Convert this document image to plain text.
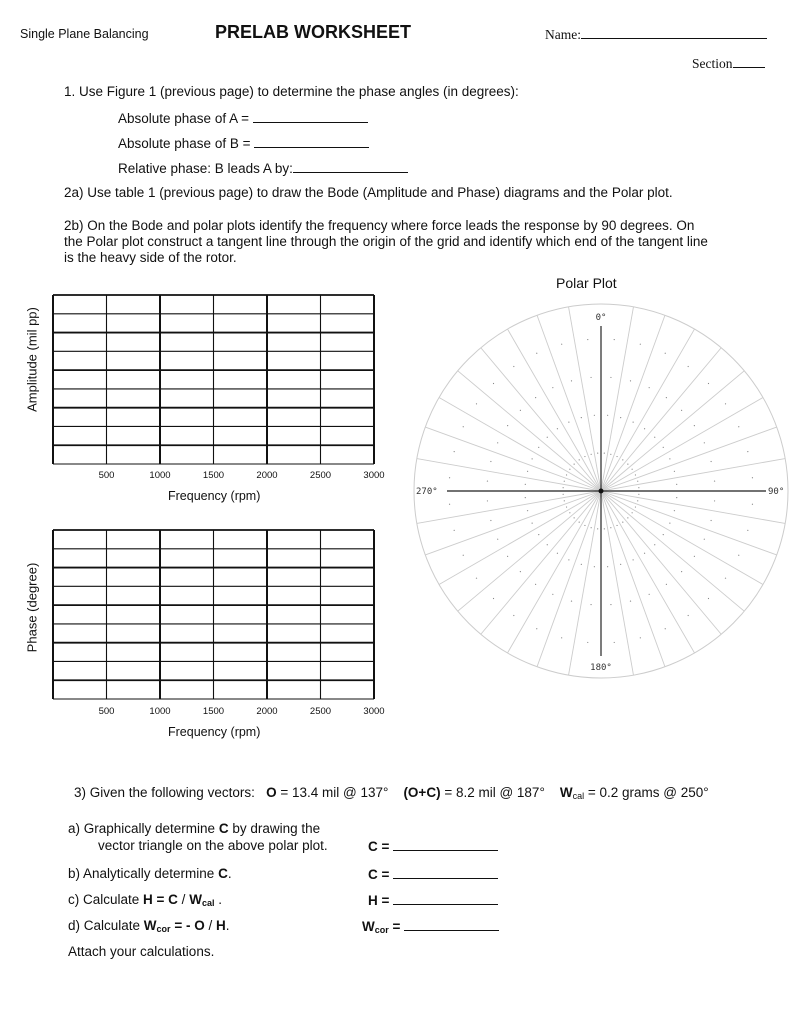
Single Plane Balancing	PRELAB WORKSHEET	Name:
Section
1. Use Figure 1 (previous page) to determine the phase angles (in degrees):
Absolute phase of A =
Absolute phase of B =
Relative phase: B leads A by:
2a) Use table 1 (previous page) to draw the Bode (Amplitude and Phase) diagrams and the Polar plot.
2b) On the Bode and polar plots identify the frequency where force leads the response by 90 degrees. On
the Polar plot construct a tangent line through the origin of the grid and identify which end of the tangent line
is the heavy side of the rotor.
Amplitude (mil pp)
500	1000	1500	2000	2500	3000
Frequency (rpm)
Phase (degree)
500	1000	1500	2000	2500	3000
Frequency (rpm)
Polar Plot
0°
90°
180°
270°
3) Given the following vectors: O = 13.4 mil @ 137° (O+C) = 8.2 mil @ 187° $W_{cal} = 0.2$ grams @ 250°
a) Graphically determine C by drawing the
vector triangle on the above polar plot.	C =
b) Analytically determine C.	C =
c) Calculate $H = C / W_{cal}$ .	H =
d) Calculate $W_{cor}$ = - O / H.	$W_{cor}$ =
Attach your calculations.
